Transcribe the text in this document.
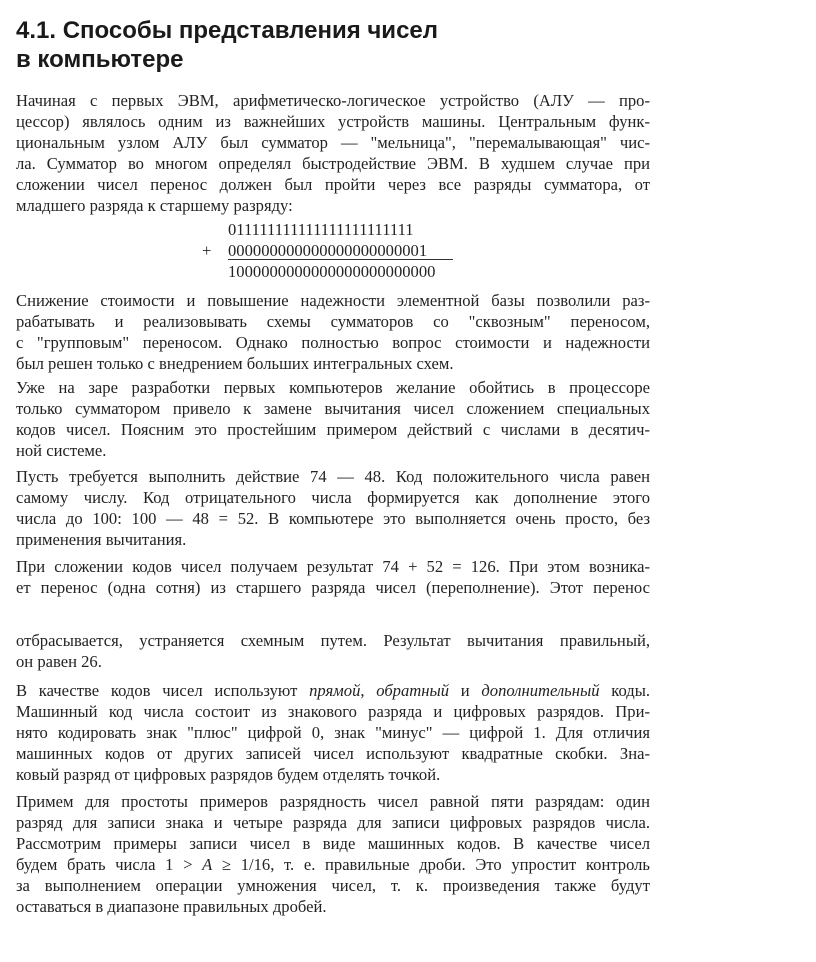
4.1. Способы представления чисел
в компьютере

Начиная с первых ЭВМ, арифметическо-логическое устройство (АЛУ — про-
цессор) являлось одним из важнейших устройств машины. Центральным функ-
циональным узлом АЛУ был сумматор — "мельница", "перемалывающая" чис-
ла. Сумматор во многом определял быстродействие ЭВМ. В худшем случае при
сложении чисел перенос должен был пройти через все разряды сумматора, от
младшего разряда к старшему разряду:

011111111111111111111111
+ 000000000000000000000001
1000000000000000000000000

Снижение стоимости и повышение надежности элементной базы позволили раз-
рабатывать и реализовывать схемы сумматоров со "сквозным" переносом,
с "групповым" переносом. Однако полностью вопрос стоимости и надежности
был решен только с внедрением больших интегральных схем.

Уже на заре разработки первых компьютеров желание обойтись в процессоре
только сумматором привело к замене вычитания чисел сложением специальных
кодов чисел. Поясним это простейшим примером действий с числами в десятич-
ной системе.

Пусть требуется выполнить действие 74 — 48. Код положительного числа равен
самому числу. Код отрицательного числа формируется как дополнение этого
числа до 100: 100 — 48 = 52. В компьютере это выполняется очень просто, без
применения вычитания.

При сложении кодов чисел получаем результат 74 + 52 = 126. При этом возника-
ет перенос (одна сотня) из старшего разряда чисел (переполнение). Этот перенос

отбрасывается, устраняется схемным путем. Результат вычитания правильный,
он равен 26.

В качестве кодов чисел используют прямой, обратный и дополнительный коды.
Машинный код числа состоит из знакового разряда и цифровых разрядов. При-
нято кодировать знак "плюс" цифрой 0, знак "минус" — цифрой 1. Для отличия
машинных кодов от других записей чисел используют квадратные скобки. Зна-
ковый разряд от цифровых разрядов будем отделять точкой.

Примем для простоты примеров разрядность чисел равной пяти разрядам: один
разряд для записи знака и четыре разряда для записи цифровых разрядов числа.
Рассмотрим примеры записи чисел в виде машинных кодов. В качестве чисел
будем брать числа 1 > A ≥ 1/16, т. е. правильные дроби. Это упростит контроль
за выполнением операции умножения чисел, т. к. произведения также будут
оставаться в диапазоне правильных дробей.
